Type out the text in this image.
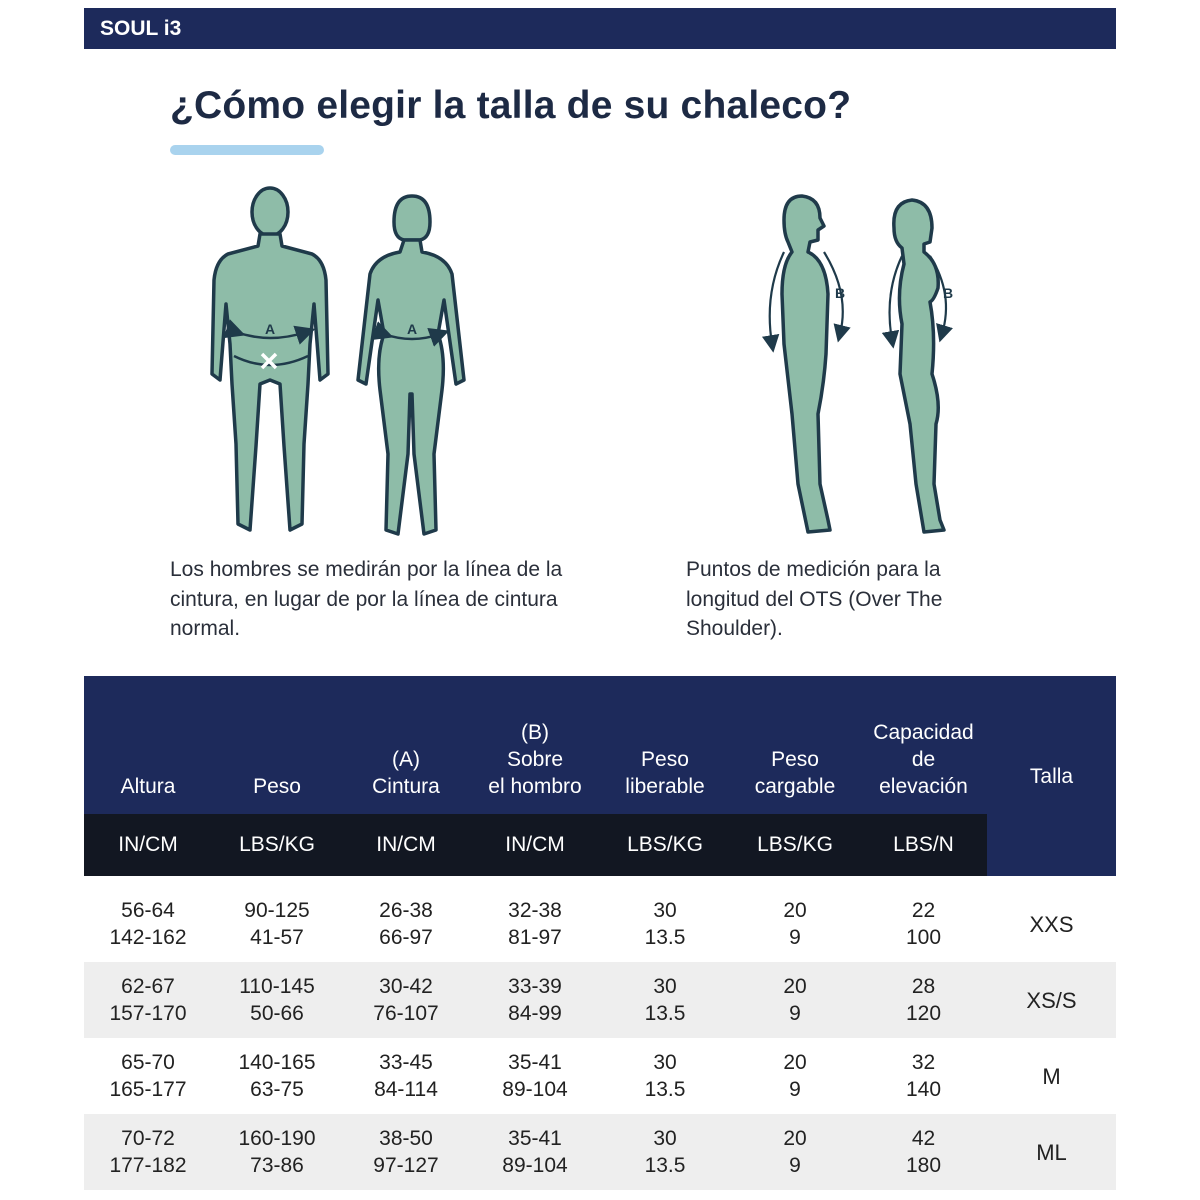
SOUL i3
¿Cómo elegir la talla de su chaleco?
A	A
B	B

Los hombres se medirán por la línea de la cintura, en lugar de por la línea de cintura normal.

Puntos de medición para la longitud del OTS (Over The Shoulder).

Altura
IN/CM
Peso
LBS/KG
(A)
Cintura
IN/CM
(B)
Sobre
el hombro
IN/CM
Peso
liberable
LBS/KG
Peso
cargable
LBS/KG
Capacidad
de
elevación
LBS/N
Talla
56-64
142-162
90-125
41-57
26-38
66-97
32-38
81-97
30
13.5
20
9
22
100
XXS
62-67
157-170
110-145
50-66
30-42
76-107
33-39
84-99
30
13.5
20
9
28
120
XS/S
65-70
165-177
140-165
63-75
33-45
84-114
35-41
89-104
30
13.5
20
9
32
140
M
70-72
177-182
160-190
73-86
38-50
97-127
35-41
89-104
30
13.5
20
9
42
180
ML
